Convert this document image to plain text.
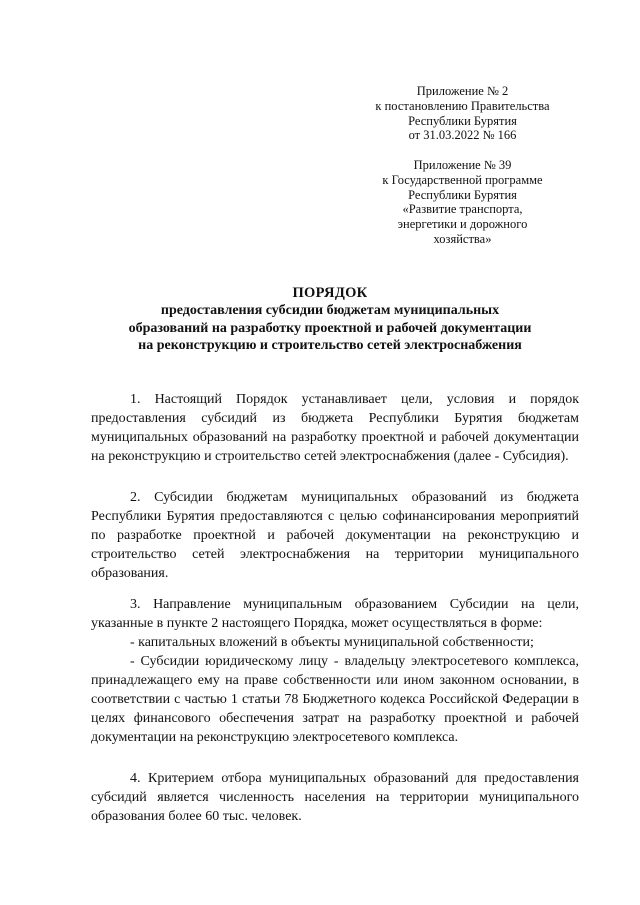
Приложение № 2
к постановлению Правительства
Республики Бурятия
от 31.03.2022 № 166
Приложение № 39
к Государственной программе
Республики Бурятия
«Развитие транспорта,
энергетики и дорожного
хозяйства»
ПОРЯДОК
предоставления субсидии бюджетам муниципальных
образований на разработку проектной и рабочей документации
на реконструкцию и строительство сетей электроснабжения

1. Настоящий Порядок устанавливает цели, условия и порядок предоставления субсидий из бюджета Республики Бурятия бюджетам муниципальных образований на разработку проектной и рабочей документации на реконструкцию и строительство сетей электроснабжения (далее - Субсидия).

2. Субсидии бюджетам муниципальных образований из бюджета Республики Бурятия предоставляются с целью софинансирования мероприятий по разработке проектной и рабочей документации на реконструкцию и строительство сетей электроснабжения на территории муниципального образования.

3. Направление муниципальным образованием Субсидии на цели, указанные в пункте 2 настоящего Порядка, может осуществляться в форме:

- капитальных вложений в объекты муниципальной собственности;

- Субсидии юридическому лицу - владельцу электросетевого комплекса, принадлежащего ему на праве собственности или ином законном основании, в соответствии с частью 1 статьи 78 Бюджетного кодекса Российской Федерации в целях финансового обеспечения затрат на разработку проектной и рабочей документации на реконструкцию электросетевого комплекса.

4. Критерием отбора муниципальных образований для предоставления субсидий является численность населения на территории муниципального образования более 60 тыс. человек.
